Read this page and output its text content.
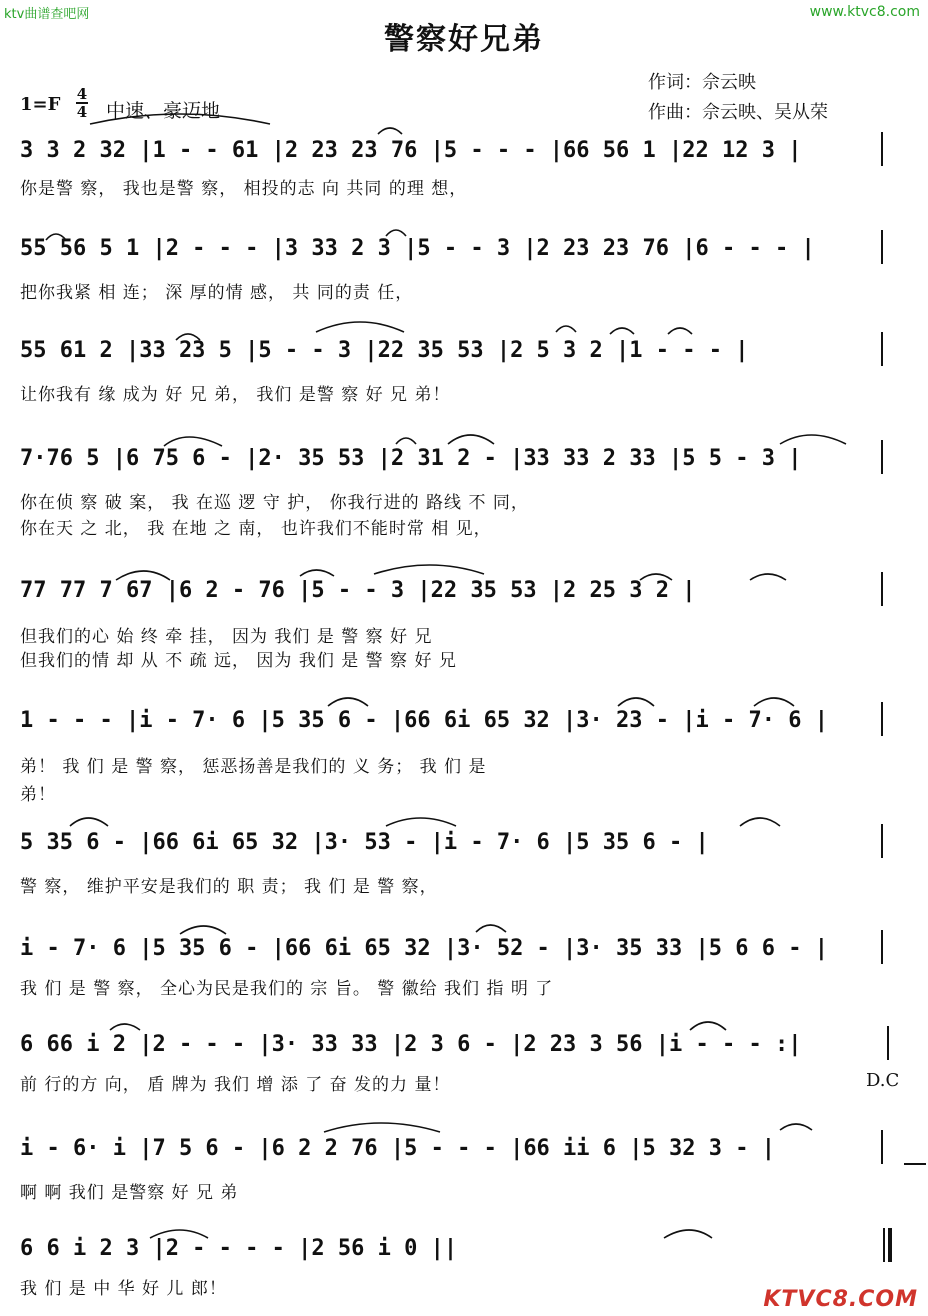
ktv曲谱查吧网	www.ktvc8.com
警察好兄弟
作词：佘云映
作曲：佘云映、吴从荣
1=F 4
4 中速、豪迈地
3 3 2 32 |1 - - 61 |2 23 23 76 |5 - - - |66 56 1 |22 12 3 |
你是警 察， 我也是警 察， 相投的志 向 共同 的理 想，
55 56 5 1 |2 - - - |3 33 2 3 |5 - - 3 |2 23 23 76 |6 - - - |
把你我紧 相 连； 深 厚的情 感， 共 同的责 任，
55 61 2 |33 23 5 |5 - - 3 |22 35 53 |2 5 3 2 |1 - - - |
让你我有 缘 成为 好 兄 弟， 我们 是警 察 好 兄 弟！
7·76 5 |6 75 6 - |2· 35 53 |2 31 2 - |33 33 2 33 |5 5 - 3 |
你在侦 察 破 案， 我 在巡 逻 守 护， 你我行进的 路线 不 同，
你在天 之 北， 我 在地 之 南， 也许我们不能时常 相 见，
77 77 7 67 |6 2 - 76 |5 - - 3 |22 35 53 |2 25 3 2 |
但我们的心 始 终 牵 挂， 因为 我们 是 警 察 好 兄
但我们的情 却 从 不 疏 远， 因为 我们 是 警 察 好 兄
1 - - - |i - 7· 6 |5 35 6 - |66 6i 65 32 |3· 23 - |i - 7· 6 |
弟！ 我 们 是 警 察， 惩恶扬善是我们的 义 务； 我 们 是
弟！
5 35 6 - |66 6i 65 32 |3· 53 - |i - 7· 6 |5 35 6 - |
警 察， 维护平安是我们的 职 责； 我 们 是 警 察，
i - 7· 6 |5 35 6 - |66 6i 65 32 |3· 52 - |3· 35 33 |5 6 6 - |
我 们 是 警 察， 全心为民是我们的 宗 旨。 警 徽给 我们 指 明 了
6 66 i 2 |2 - - - |3· 33 33 |2 3 6 - |2 23 3 56 |i - - - :|
前 行的方 向， 盾 牌为 我们 增 添 了 奋 发的力 量！	D.C
i - 6· i |7 5 6 - |6 2 2 76 |5 - - - |66 ii 6 |5 32 3 - |
啊 啊 我们 是警察 好 兄 弟
6 6 i 2 3 |2 - - - - |2 56 i 0 ||
我 们 是 中 华 好 儿 郎！	KTVC8.COM
